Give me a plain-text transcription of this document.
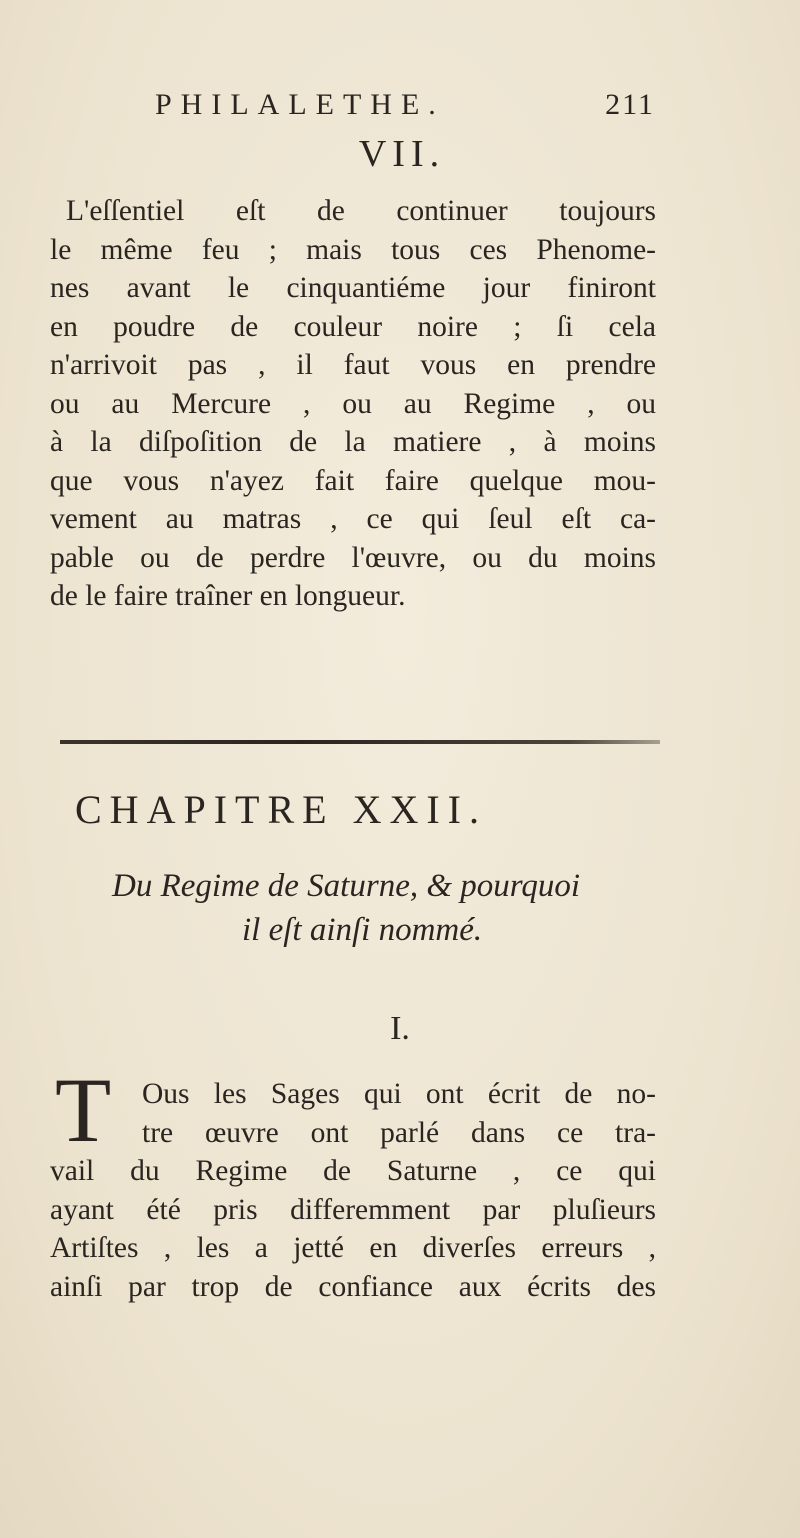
PHILALETHE.	211
VII.
L'eſſentiel eſt de continuer toujours
le même feu ; mais tous ces Phenome-
nes avant le cinquantiéme jour finiront
en poudre de couleur noire ; ſi cela
n'arrivoit pas , il faut vous en prendre
ou au Mercure , ou au Regime , ou
à la diſpoſition de la matiere , à moins
que vous n'ayez fait faire quelque mou-
vement au matras , ce qui ſeul eſt ca-
pable ou de perdre l'œuvre, ou du moins
de le faire traîner en longueur.
CHAPITRE XXII.
Du Regime de Saturne, & pourquoi
il eſt ainſi nommé.
I.
T	Ous les Sages qui ont écrit de no-
tre œuvre ont parlé dans ce tra-
vail du Regime de Saturne , ce qui
ayant été pris differemment par pluſieurs
Artiſtes , les a jetté en diverſes erreurs ,
ainſi par trop de confiance aux écrits des
